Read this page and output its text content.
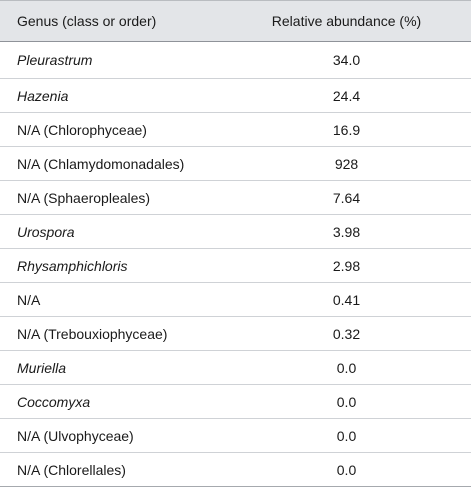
Genus (class or order)	Relative abundance (%)
Pleurastrum	34.0
Hazenia	24.4
N/A (Chlorophyceae)	16.9
N/A (Chlamydomonadales)	928
N/A (Sphaeropleales)	7.64
Urospora	3.98
Rhysamphichloris	2.98
N/A	0.41
N/A (Trebouxiophyceae)	0.32
Muriella	0.0
Coccomyxa	0.0
N/A (Ulvophyceae)	0.0
N/A (Chlorellales)	0.0
